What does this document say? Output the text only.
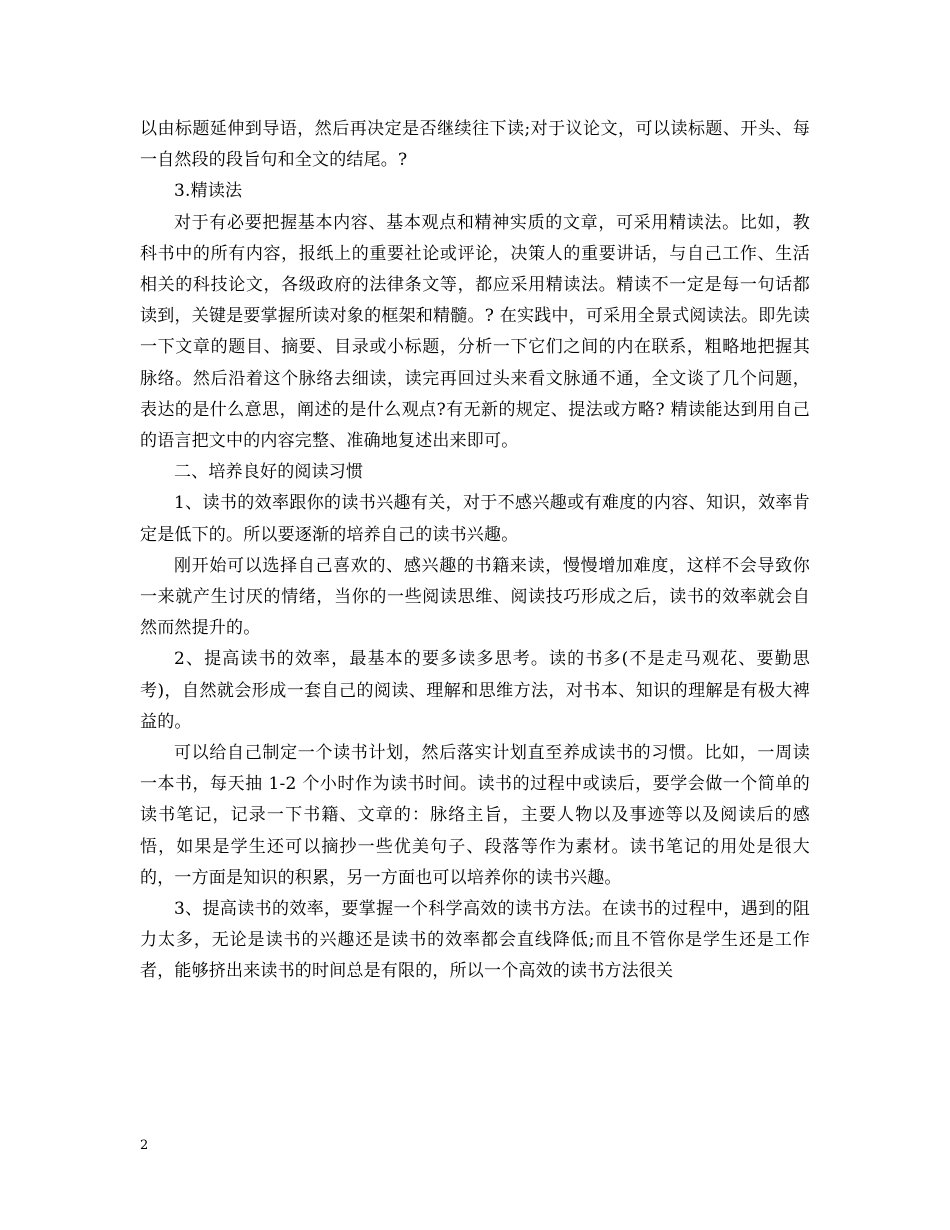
以由标题延伸到导语，然后再决定是否继续往下读;对于议论文，可以读标题、开头、每一自然段的段旨句和全文的结尾。?

3.精读法

对于有必要把握基本内容、基本观点和精神实质的文章，可采用精读法。比如，教科书中的所有内容，报纸上的重要社论或评论，决策人的重要讲话，与自己工作、生活相关的科技论文，各级政府的法律条文等，都应采用精读法。精读不一定是每一句话都读到，关键是要掌握所读对象的框架和精髓。? 在实践中，可采用全景式阅读法。即先读一下文章的题目、摘要、目录或小标题，分析一下它们之间的内在联系，粗略地把握其脉络。然后沿着这个脉络去细读，读完再回过头来看文脉通不通，全文谈了几个问题，表达的是什么意思，阐述的是什么观点?有无新的规定、提法或方略? 精读能达到用自己的语言把文中的内容完整、准确地复述出来即可。

二、培养良好的阅读习惯

1、读书的效率跟你的读书兴趣有关，对于不感兴趣或有难度的内容、知识，效率肯定是低下的。所以要逐渐的培养自己的读书兴趣。

刚开始可以选择自己喜欢的、感兴趣的书籍来读，慢慢增加难度，这样不会导致你一来就产生讨厌的情绪，当你的一些阅读思维、阅读技巧形成之后，读书的效率就会自然而然提升的。

2、提高读书的效率，最基本的要多读多思考。读的书多(不是走马观花、要勤思考)，自然就会形成一套自己的阅读、理解和思维方法，对书本、知识的理解是有极大裨益的。

可以给自己制定一个读书计划，然后落实计划直至养成读书的习惯。比如，一周读一本书，每天抽 1-2 个小时作为读书时间。读书的过程中或读后，要学会做一个简单的读书笔记，记录一下书籍、文章的：脉络主旨，主要人物以及事迹等以及阅读后的感悟，如果是学生还可以摘抄一些优美句子、段落等作为素材。读书笔记的用处是很大的，一方面是知识的积累，另一方面也可以培养你的读书兴趣。

3、提高读书的效率，要掌握一个科学高效的读书方法。在读书的过程中，遇到的阻力太多，无论是读书的兴趣还是读书的效率都会直线降低;而且不管你是学生还是工作者，能够挤出来读书的时间总是有限的，所以一个高效的读书方法很关

2
